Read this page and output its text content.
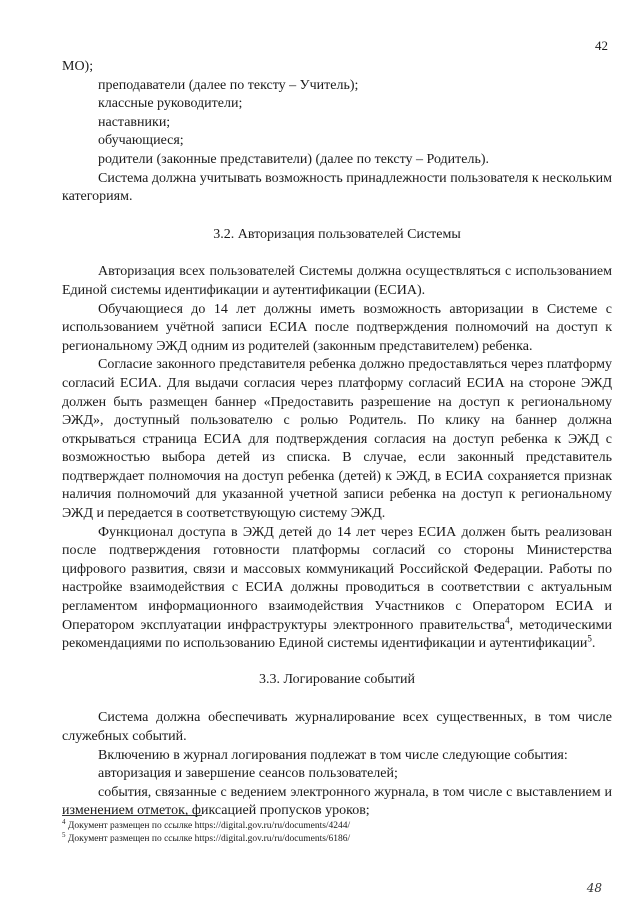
42

МО);

преподаватели (далее по тексту – Учитель);

классные руководители;

наставники;

обучающиеся;

родители (законные представители) (далее по тексту – Родитель).

Система должна учитывать возможность принадлежности пользователя к нескольким категориям.

3.2. Авторизация пользователей Системы

Авторизация всех пользователей Системы должна осуществляться с использованием Единой системы идентификации и аутентификации (ЕСИА).

Обучающиеся до 14 лет должны иметь возможность авторизации в Системе с использованием учётной записи ЕСИА после подтверждения полномочий на доступ к региональному ЭЖД одним из родителей (законным представителем) ребенка.

Согласие законного представителя ребенка должно предоставляться через платформу согласий ЕСИА. Для выдачи согласия через платформу согласий ЕСИА на стороне ЭЖД должен быть размещен баннер «Предоставить разрешение на доступ к региональному ЭЖД», доступный пользователю с ролью Родитель. По клику на баннер должна открываться страница ЕСИА для подтверждения согласия на доступ ребенка к ЭЖД с возможностью выбора детей из списка. В случае, если законный представитель подтверждает полномочия на доступ ребенка (детей) к ЭЖД, в ЕСИА сохраняется признак наличия полномочий для указанной учетной записи ребенка на доступ к региональному ЭЖД и передается в соответствующую систему ЭЖД.

Функционал доступа в ЭЖД детей до 14 лет через ЕСИА должен быть реализован после подтверждения готовности платформы согласий со стороны Министерства цифрового развития, связи и массовых коммуникаций Российской Федерации. Работы по настройке взаимодействия с ЕСИА должны проводиться в соответствии с актуальным регламентом информационного взаимодействия Участников с Оператором ЕСИА и Оператором эксплуатации инфраструктуры электронного правительства$^4$, методическими рекомендациями по использованию Единой системы идентификации и аутентификации$^5$.

3.3. Логирование событий

Система должна обеспечивать журналирование всех существенных, в том числе служебных событий.

Включению в журнал логирования подлежат в том числе следующие события:

авторизация и завершение сеансов пользователей;

события, связанные с ведением электронного журнала, в том числе с выставлением и изменением отметок, фиксацией пропусков уроков;

$^4$ Документ размещен по ссылке https://digital.gov.ru/ru/documents/4244/
$^5$ Документ размещен по ссылке https://digital.gov.ru/ru/documents/6186/
48
